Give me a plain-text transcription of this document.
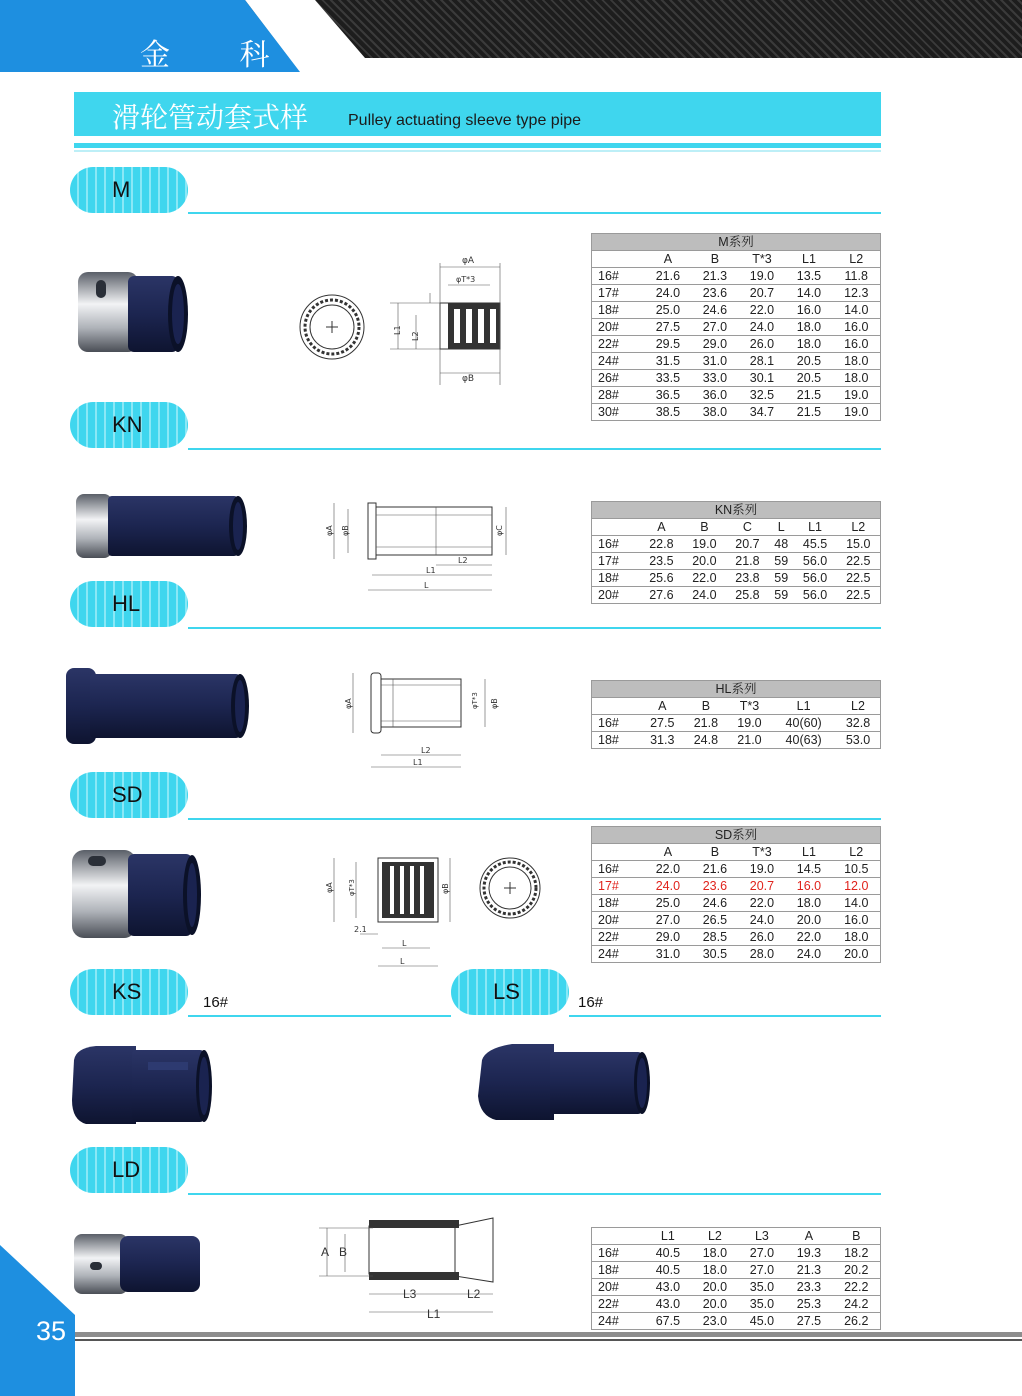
金 科
滑轮管动套式样 Pulley actuating sleeve type pipe
M
φA
φT*3
φB
L1
L2
M系列					
	A	B	T*3	L1	L2
16#	21.6	21.3	19.0	13.5	11.8
17#	24.0	23.6	20.7	14.0	12.3
18#	25.0	24.6	22.0	16.0	14.0
20#	27.5	27.0	24.0	18.0	16.0
22#	29.5	29.0	26.0	18.0	16.0
24#	31.5	31.0	28.1	20.5	18.0
26#	33.5	33.0	30.1	20.5	18.0
28#	36.5	36.0	32.5	21.5	19.0
30#	38.5	38.0	34.7	21.5	19.0
KN
φA φB	φC
L2
L1
L
KN系列						
	A	B	C	L	L1	L2
16#	22.8	19.0	20.7	48	45.5	15.0
17#	23.5	20.0	21.8	59	56.0	22.5
18#	25.6	22.0	23.8	59	56.0	22.5
20#	27.6	24.0	25.8	59	56.0	22.5
HL
φA	φT*3 φB
L2
L1
HL系列					
	A	B	T*3	L1	L2
16#	27.5	21.8	19.0	40(60)	32.8
18#	31.3	24.8	21.0	40(63)	53.0
SD
φA φT*3	φB
2.1
L
L
SD系列					
	A	B	T*3	L1	L2
16#	22.0	21.6	19.0	14.5	10.5
17#	24.0	23.6	20.7	16.0	12.0
18#	25.0	24.6	22.0	18.0	14.0
20#	27.0	26.5	24.0	20.0	16.0
22#	29.0	28.5	26.0	22.0	18.0
24#	31.0	30.5	28.0	24.0	20.0
KS	16#	LS	16#
LD
A B
L3	L2
L1
	L1	L2	L3	A	B
16#	40.5	18.0	27.0	19.3	18.2
18#	40.5	18.0	27.0	21.3	20.2
20#	43.0	20.0	35.0	23.3	22.2
22#	43.0	20.0	35.0	25.3	24.2
24#	67.5	23.0	45.0	27.5	26.2
35
